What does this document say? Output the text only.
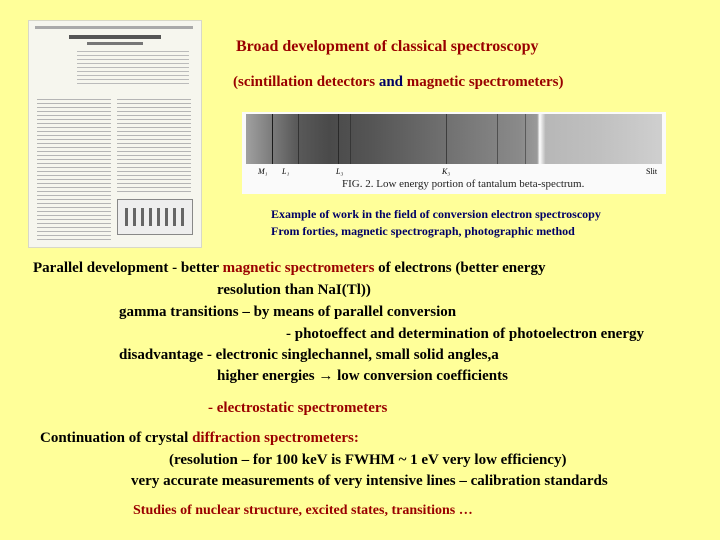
Broad development of classical spectroscopy
(scintillation detectors and magnetic spectrometers)
M₁ L₁	L₃	K₃	Slit
FIG. 2. Low energy portion of tantalum beta-spectrum.
Example of work in the field of conversion electron spectroscopy
From forties, magnetic spectrograph, photographic method
Parallel development - better magnetic spectrometers of electrons (better energy
resolution than NaI(Tl))
gamma transitions – by means of parallel conversion
- photoeffect and determination of photoelectron energy
disadvantage - electronic singlechannel, small solid angles,a
higher energies → low conversion coefficients
- electrostatic spectrometers
Continuation of crystal diffraction spectrometers:
(resolution – for 100 keV is FWHM ~ 1 eV very low efficiency)
very accurate measurements of very intensive lines – calibration standards
Studies of nuclear structure, excited states, transitions …
